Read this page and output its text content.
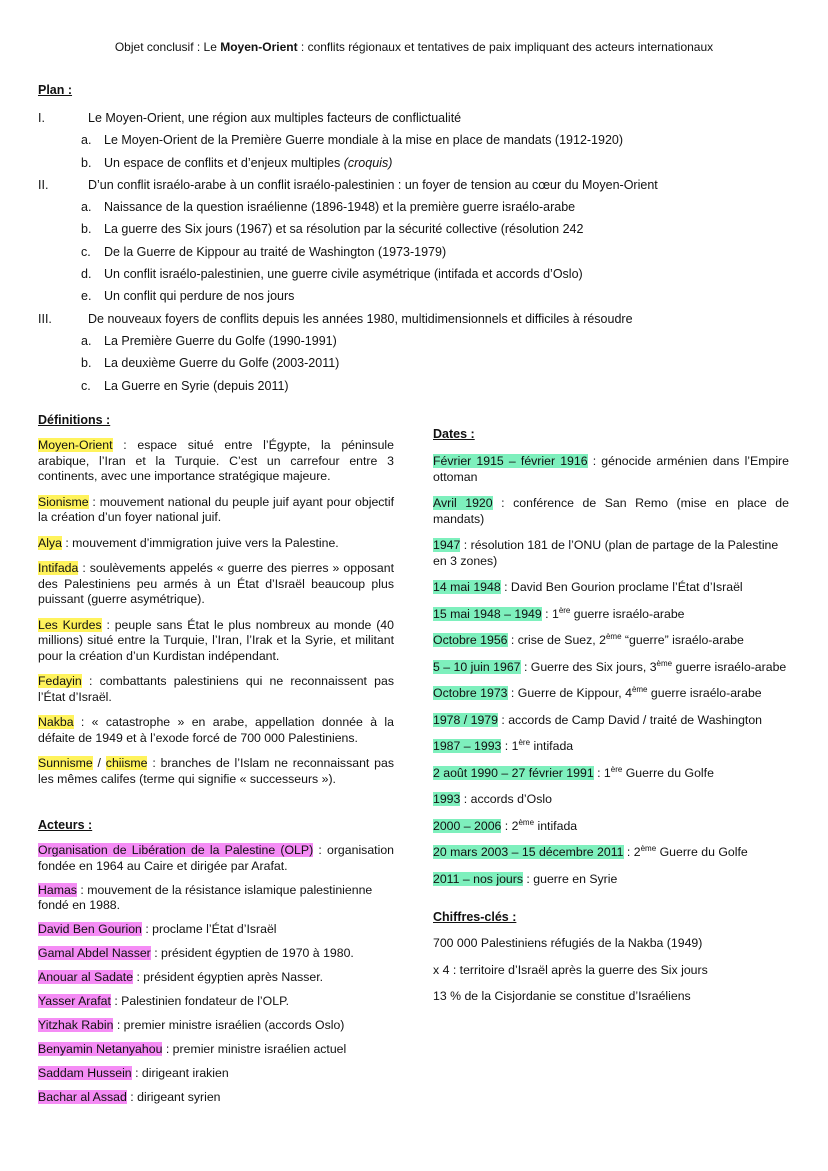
Objet conclusif : Le Moyen-Orient : conflits régionaux et tentatives de paix impliquant des acteurs internationaux
Plan :
I.	Le Moyen-Orient, une région aux multiples facteurs de conflictualité
a. Le Moyen-Orient de la Première Guerre mondiale à la mise en place de mandats (1912-1920)
b. Un espace de conflits et d’enjeux multiples (croquis)
II.	D’un conflit israélo-arabe à un conflit israélo-palestinien : un foyer de tension au cœur du Moyen-Orient
a. Naissance de la question israélienne (1896-1948) et la première guerre israélo-arabe
b. La guerre des Six jours (1967) et sa résolution par la sécurité collective (résolution 242
c. De la Guerre de Kippour au traité de Washington (1973-1979)
d. Un conflit israélo-palestinien, une guerre civile asymétrique (intifada et accords d’Oslo)
e. Un conflit qui perdure de nos jours
III.	De nouveaux foyers de conflits depuis les années 1980, multidimensionnels et difficiles à résoudre
a. La Première Guerre du Golfe (1990-1991)
b. La deuxième Guerre du Golfe (2003-2011)
c. La Guerre en Syrie (depuis 2011)
Définitions :
Moyen-Orient : espace situé entre l’Égypte, la péninsule arabique, l’Iran et la Turquie. C’est un carrefour entre 3 continents, avec une importance stratégique majeure.
Sionisme : mouvement national du peuple juif ayant pour objectif la création d’un foyer national juif.
Alya : mouvement d’immigration juive vers la Palestine.
Intifada : soulèvements appelés « guerre des pierres » opposant des Palestiniens peu armés à un État d’Israël beaucoup plus puissant (guerre asymétrique).
Les Kurdes : peuple sans État le plus nombreux au monde (40 millions) situé entre la Turquie, l’Iran, l’Irak et la Syrie, et militant pour la création d’un Kurdistan indépendant.
Fedayin : combattants palestiniens qui ne reconnaissent pas l’État d’Israël.
Nakba : « catastrophe » en arabe, appellation donnée à la défaite de 1949 et à l’exode forcé de 700 000 Palestiniens.
Sunnisme / chiisme : branches de l’Islam ne reconnaissant pas les mêmes califes (terme qui signifie « successeurs »).
Acteurs :
Organisation de Libération de la Palestine (OLP) : organisation fondée en 1964 au Caire et dirigée par Arafat.
Hamas : mouvement de la résistance islamique palestinienne fondé en 1988.
David Ben Gourion : proclame l’État d’Israël
Gamal Abdel Nasser : président égyptien de 1970 à 1980.
Anouar al Sadate : président égyptien après Nasser.
Yasser Arafat : Palestinien fondateur de l’OLP.
Yitzhak Rabin : premier ministre israélien (accords Oslo)
Benyamin Netanyahou : premier ministre israélien actuel
Saddam Hussein : dirigeant irakien
Bachar al Assad : dirigeant syrien
Dates :
Février 1915 – février 1916 : génocide arménien dans l’Empire ottoman
Avril 1920 : conférence de San Remo (mise en place de mandats)
1947 : résolution 181 de l’ONU (plan de partage de la Palestine en 3 zones)
14 mai 1948 : David Ben Gourion proclame l’État d’Israël
15 mai 1948 – 1949 : 1ère guerre israélo-arabe
Octobre 1956 : crise de Suez, 2ème “guerre” israélo-arabe
5 – 10 juin 1967 : Guerre des Six jours, 3ème guerre israélo-arabe
Octobre 1973 : Guerre de Kippour, 4ème guerre israélo-arabe
1978 / 1979 : accords de Camp David / traité de Washington
1987 – 1993 : 1ère intifada
2 août 1990 – 27 février 1991 : 1ère Guerre du Golfe
1993 : accords d’Oslo
2000 – 2006 : 2ème intifada
20 mars 2003 – 15 décembre 2011 : 2ème Guerre du Golfe
2011 – nos jours : guerre en Syrie
Chiffres-clés :
700 000 Palestiniens réfugiés de la Nakba (1949)
x 4 : territoire d’Israël après la guerre des Six jours
13 % de la Cisjordanie se constitue d’Israéliens
